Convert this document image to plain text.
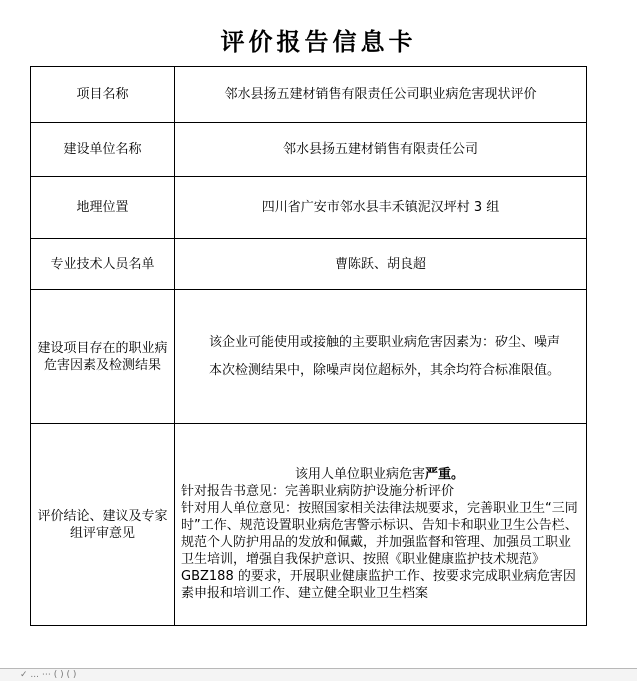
评价报告信息卡
项目名称	邻水县扬五建材销售有限责任公司职业病危害现状评价
建设单位名称	邻水县扬五建材销售有限责任公司
地理位置	四川省广安市邻水县丰禾镇泥汉坪村 3 组
专业技术人员名单	曹陈跃、胡良超
建设项目存在的职业病危害因素及检测结果	该企业可能使用或接触的主要职业病危害因素为：矽尘、噪声
本次检测结果中，除噪声岗位超标外，其余均符合标准限值。

评价结论、建议及专家组评审意见	该用人单位职业病危害严重。

针对报告书意见：完善职业病防护设施分析评价

针对用人单位意见：按照国家相关法律法规要求，完善职业卫生“三同时”工作、规范设置职业病危害警示标识、告知卡和职业卫生公告栏、规范个人防护用品的发放和佩戴，并加强监督和管理、加强员工职业卫生培训，增强自我保护意识、按照《职业健康监护技术规范》GBZ188 的要求，开展职业健康监护工作、按要求完成职业病危害因素申报和培训工作、建立健全职业卫生档案

✓ ... ⋯ ( ) ( )
